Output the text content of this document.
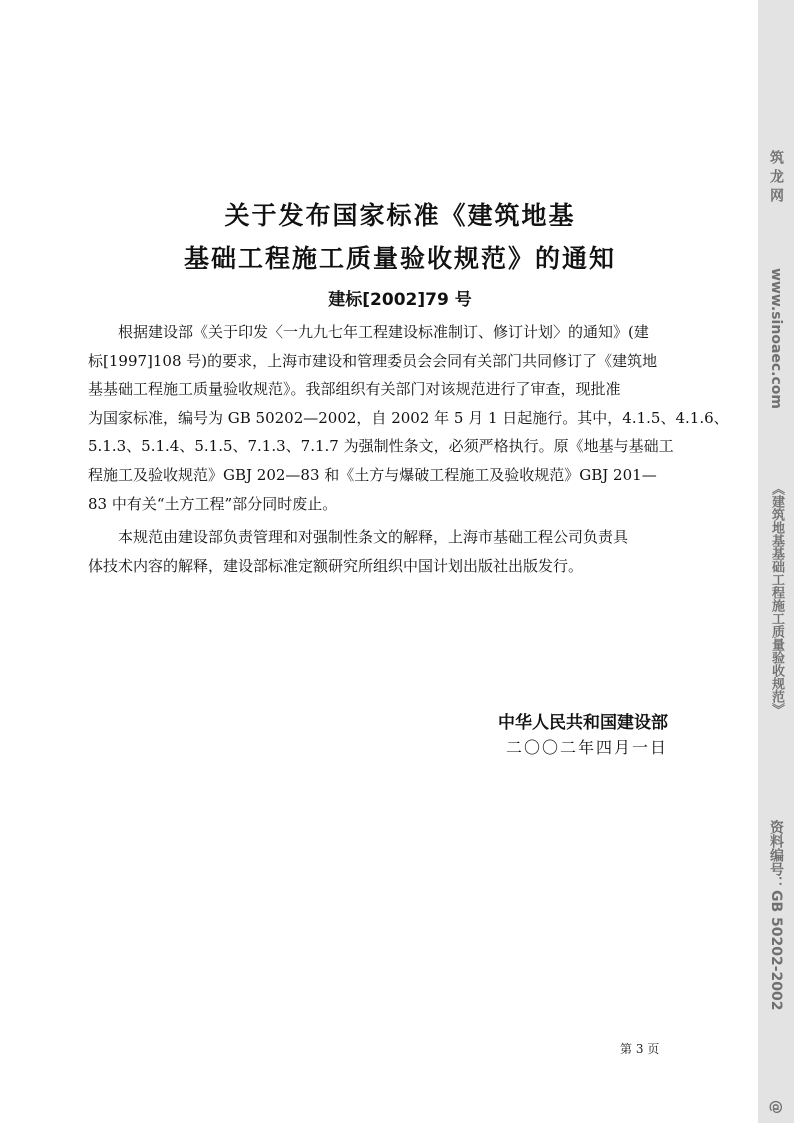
关于发布国家标准《建筑地基
基础工程施工质量验收规范》的通知
建标[2002]79 号
根据建设部《关于印发〈一九九七年工程建设标准制订、修订计划〉的通知》(建
标[1997]108 号)的要求，上海市建设和管理委员会会同有关部门共同修订了《建筑地
基基础工程施工质量验收规范》。我部组织有关部门对该规范进行了审查，现批准
为国家标准，编号为 GB 50202—2002，自 2002 年 5 月 1 日起施行。其中，4.1.5、4.1.6、
5.1.3、5.1.4、5.1.5、7.1.3、7.1.7 为强制性条文，必须严格执行。原《地基与基础工
程施工及验收规范》GBJ 202—83 和《土方与爆破工程施工及验收规范》GBJ 201—
83 中有关“土方工程”部分同时废止。
本规范由建设部负责管理和对强制性条文的解释，上海市基础工程公司负责具
体技术内容的解释，建设部标准定额研究所组织中国计划出版社出版发行。
中华人民共和国建设部
二〇〇二年四月一日
第 3 页
筑龙网
www.sinoaec.com
《建筑地基基础工程施工质量验收规范》
资料编号：GB 50202-2002
@
